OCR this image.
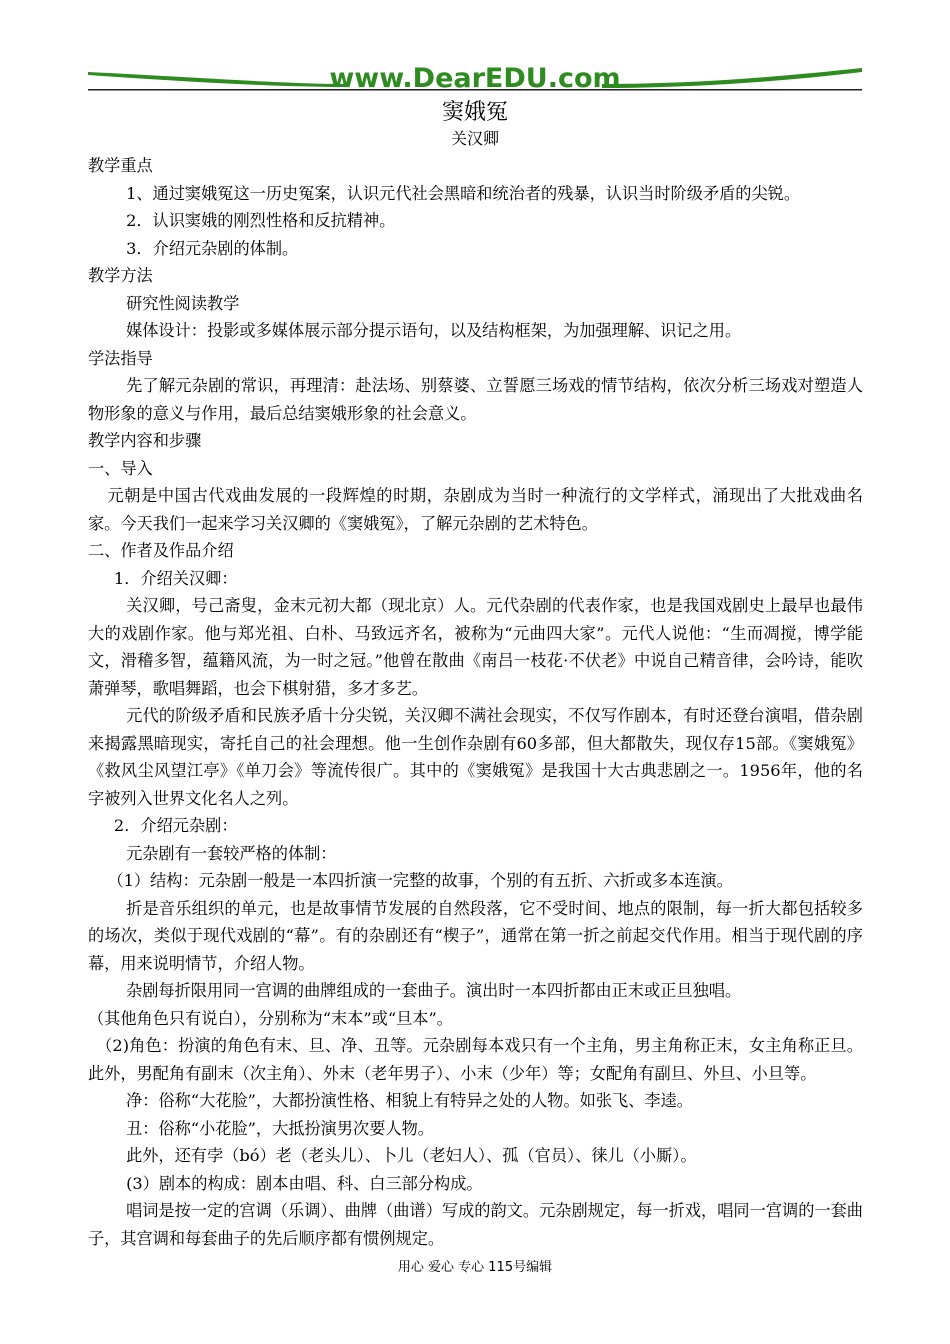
www.DearEDU.com
窦娥冤
关汉卿

教学重点

1、通过窦娥冤这一历史冤案，认识元代社会黑暗和统治者的残暴，认识当时阶级矛盾的尖锐。

2．认识窦娥的刚烈性格和反抗精神。

3．介绍元杂剧的体制。

教学方法

研究性阅读教学

媒体设计：投影或多媒体展示部分提示语句，以及结构框架，为加强理解、识记之用。

学法指导

先了解元杂剧的常识，再理清：赴法场、别蔡婆、立誓愿三场戏的情节结构，依次分析三场戏对塑造人物形象的意义与作用，最后总结窦娥形象的社会意义。

教学内容和步骤

一、导入

元朝是中国古代戏曲发展的一段辉煌的时期，杂剧成为当时一种流行的文学样式，涌现出了大批戏曲名家。今天我们一起来学习关汉卿的《窦娥冤》，了解元杂剧的艺术特色。

二、作者及作品介绍

1．介绍关汉卿：

关汉卿，号己斋叟，金末元初大都（现北京）人。元代杂剧的代表作家，也是我国戏剧史上最早也最伟大的戏剧作家。他与郑光祖、白朴、马致远齐名，被称为“元曲四大家”。元代人说他：“生而凋搅，博学能文，滑稽多智，蕴籍风流，为一时之冠。”他曾在散曲《南吕一枝花·不伏老》中说自己精音律，会吟诗，能吹萧弹琴，歌唱舞蹈，也会下棋射猎，多才多艺。

元代的阶级矛盾和民族矛盾十分尖锐，关汉卿不满社会现实，不仅写作剧本，有时还登台演唱，借杂剧来揭露黑暗现实，寄托自己的社会理想。他一生创作杂剧有60多部，但大都散失，现仅存15部。《窦娥冤》《救风尘风望江亭》《单刀会》等流传很广。其中的《窦娥冤》是我国十大古典悲剧之一。1956年，他的名字被列入世界文化名人之列。

2．介绍元杂剧：

元杂剧有一套较严格的体制：

（1）结构：元杂剧一般是一本四折演一完整的故事，个别的有五折、六折或多本连演。

折是音乐组织的单元，也是故事情节发展的自然段落，它不受时间、地点的限制，每一折大都包括较多的场次，类似于现代戏剧的“幕”。有的杂剧还有“楔子”，通常在第一折之前起交代作用。相当于现代剧的序幕，用来说明情节，介绍人物。

杂剧每折限用同一宫调的曲牌组成的一套曲子。演出时一本四折都由正末或正旦独唱。

（其他角色只有说白），分别称为“末本”或“旦本”。

（2)角色：扮演的角色有末、旦、净、丑等。元杂剧每本戏只有一个主角，男主角称正末，女主角称正旦。此外，男配角有副末（次主角）、外末（老年男子）、小末（少年）等；女配角有副旦、外旦、小旦等。

净：俗称“大花脸”，大都扮演性格、相貌上有特异之处的人物。如张飞、李逵。

丑：俗称“小花脸”，大抵扮演男次要人物。

此外，还有孛（bó）老（老头儿）、卜儿（老妇人）、孤（官员）、徕儿（小厮）。

(3）剧本的构成：剧本由唱、科、白三部分构成。

唱词是按一定的宫调（乐调）、曲牌（曲谱）写成的韵文。元杂剧规定，每一折戏，唱同一宫调的一套曲子，其宫调和每套曲子的先后顺序都有惯例规定。

用心 爱心 专心 115号编辑
